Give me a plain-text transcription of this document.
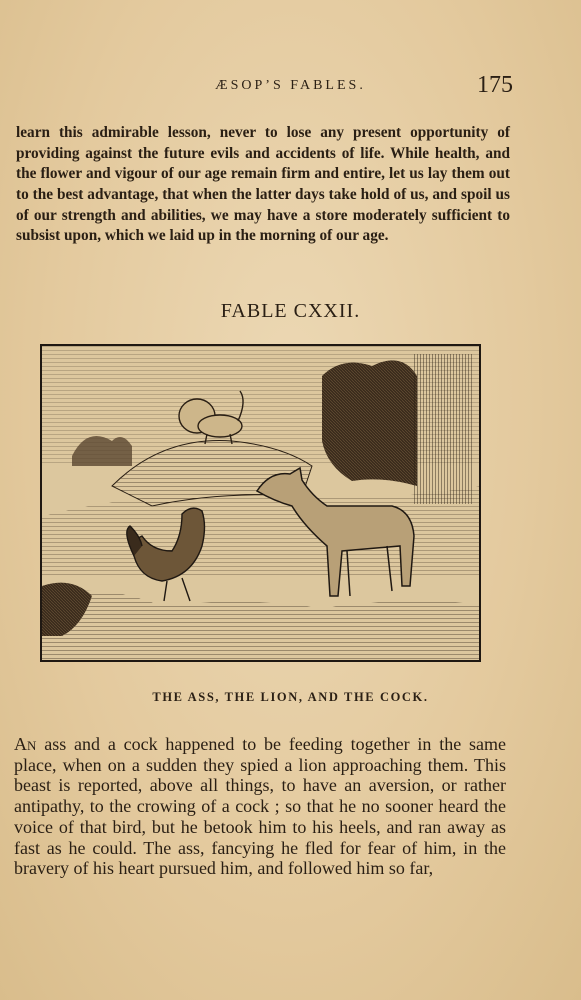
ÆSOP’S FABLES.	175

learn this admirable lesson, never to lose any present opportunity of providing against the future evils and accidents of life. While health, and the flower and vigour of our age remain firm and entire, let us lay them out to the best advantage, that when the latter days take hold of us, and spoil us of our strength and abilities, we may have a store moderately sufficient to subsist upon, which we laid up in the morning of our age.

FABLE CXXII.
THE ASS, THE LION, AND THE COCK.

An ass and a cock happened to be feeding together in the same place, when on a sudden they spied a lion approaching them. This beast is reported, above all things, to have an aversion, or rather antipathy, to the crowing of a cock ; so that he no sooner heard the voice of that bird, but he betook him to his heels, and ran away as fast as he could. The ass, fancying he fled for fear of him, in the bravery of his heart pursued him, and followed him so far,
